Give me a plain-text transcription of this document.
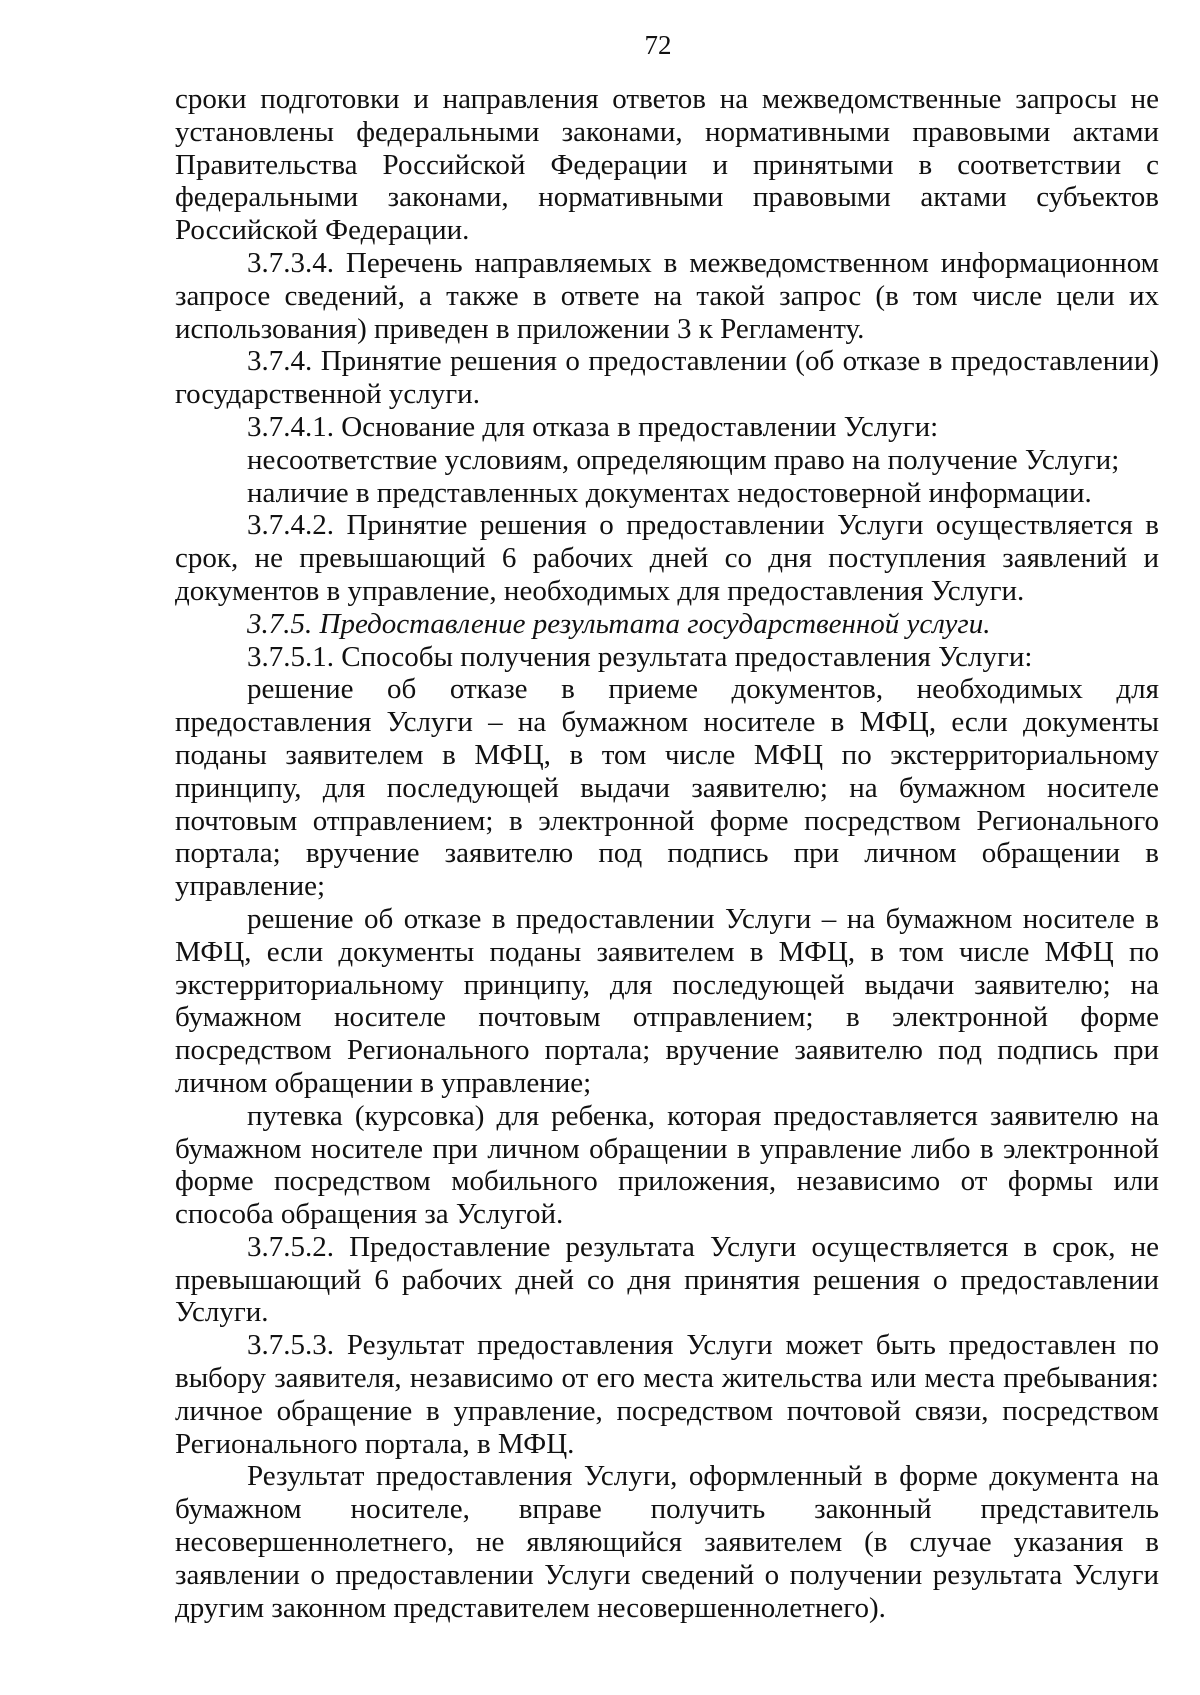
72

сроки подготовки и направления ответов на межведомственные запросы не установлены федеральными законами, нормативными правовыми актами Правительства Российской Федерации и принятыми в соответствии с федеральными законами, нормативными правовыми актами субъектов Российской Федерации.

3.7.3.4. Перечень направляемых в межведомственном информационном запросе сведений, а также в ответе на такой запрос (в том числе цели их использования) приведен в приложении 3 к Регламенту.

3.7.4. Принятие решения о предоставлении (об отказе в предоставлении) государственной услуги.

3.7.4.1. Основание для отказа в предоставлении Услуги:

несоответствие условиям, определяющим право на получение Услуги;

наличие в представленных документах недостоверной информации.

3.7.4.2. Принятие решения о предоставлении Услуги осуществляется в срок, не превышающий 6 рабочих дней со дня поступления заявлений и документов в управление, необходимых для предоставления Услуги.

3.7.5. Предоставление результата государственной услуги.

3.7.5.1. Способы получения результата предоставления Услуги:

решение об отказе в приеме документов, необходимых для предоставления Услуги – на бумажном носителе в МФЦ, если документы поданы заявителем в МФЦ, в том числе МФЦ по экстерриториальному принципу, для последующей выдачи заявителю; на бумажном носителе почтовым отправлением; в электронной форме посредством Регионального портала; вручение заявителю под подпись при личном обращении в управление;

решение об отказе в предоставлении Услуги – на бумажном носителе в МФЦ, если документы поданы заявителем в МФЦ, в том числе МФЦ по экстерриториальному принципу, для последующей выдачи заявителю; на бумажном носителе почтовым отправлением; в электронной форме посредством Регионального портала; вручение заявителю под подпись при личном обращении в управление;

путевка (курсовка) для ребенка, которая предоставляется заявителю на бумажном носителе при личном обращении в управление либо в электронной форме посредством мобильного приложения, независимо от формы или способа обращения за Услугой.

3.7.5.2. Предоставление результата Услуги осуществляется в срок, не превышающий 6 рабочих дней со дня принятия решения о предоставлении Услуги.

3.7.5.3. Результат предоставления Услуги может быть предоставлен по выбору заявителя, независимо от его места жительства или места пребывания: личное обращение в управление, посредством почтовой связи, посредством Регионального портала, в МФЦ.

Результат предоставления Услуги, оформленный в форме документа на бумажном носителе, вправе получить законный представитель несовершеннолетнего, не являющийся заявителем (в случае указания в заявлении о предоставлении Услуги сведений о получении результата Услуги другим законном представителем несовершеннолетнего).
